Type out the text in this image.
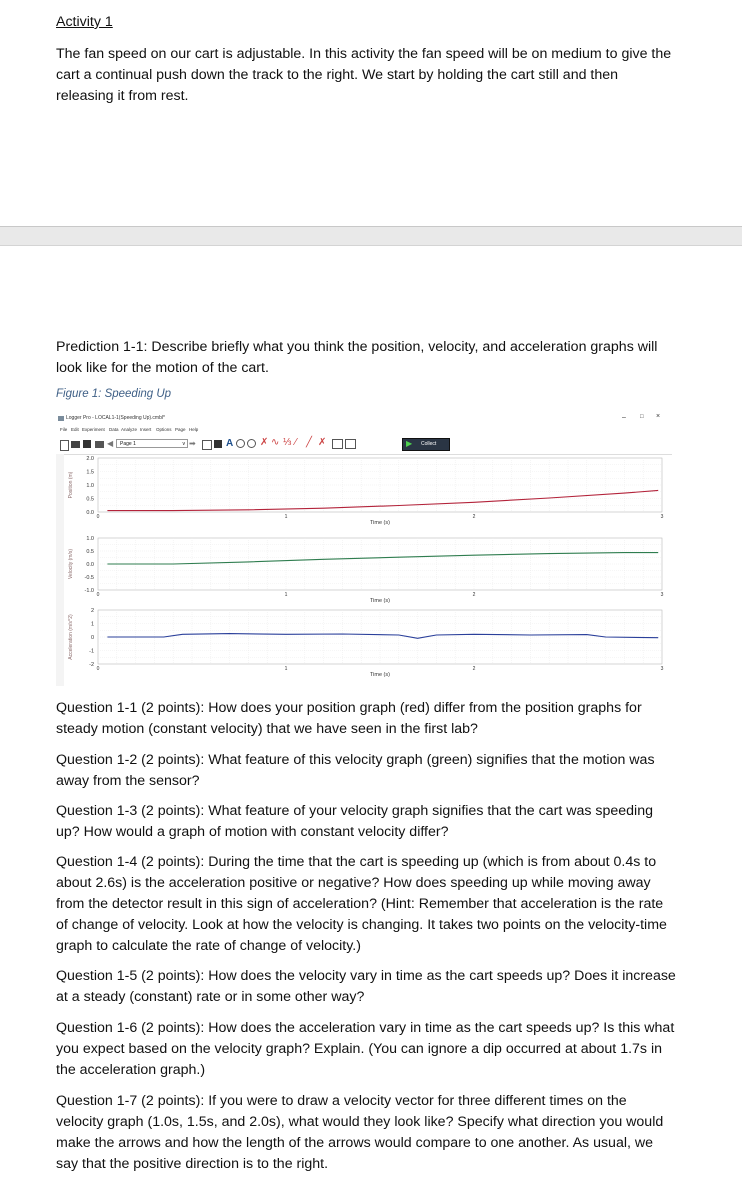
Activity 1
The fan speed on our cart is adjustable. In this activity the fan speed will be on medium to give the cart a continual push down the track to the right. We start by holding the cart still and then releasing it from rest.
Prediction 1-1: Describe briefly what you think the position, velocity, and acceleration graphs will look like for the motion of the cart.
Figure 1: Speeding Up
Logger Pro - LOCAL1-1(Speeding Up).cmbl*	– □ ×
File Edit Experiment Data Analyze Insert Options Page Help
◀	Page 1	v ➡	A	✗ ∿ ⅓ ⁄ ╱ ✗	▶ Collect
2.0
1.5
1.0
0.5
0.0
0	1	2	3
Time (s)
Position (m)
1.0
0.5
0.0
-0.5
-1.0
0	1	2	3
Time (s)
Velocity (m/s)
2
1
0
-1
-2
0	1	2	3
Time (s)
Acceleration (m/s^2)
Question 1-1 (2 points): How does your position graph (red) differ from the position graphs for steady motion (constant velocity) that we have seen in the first lab?
Question 1-2 (2 points): What feature of this velocity graph (green) signifies that the motion was away from the sensor?
Question 1-3 (2 points): What feature of your velocity graph signifies that the cart was speeding up? How would a graph of motion with constant velocity differ?
Question 1-4 (2 points): During the time that the cart is speeding up (which is from about 0.4s to about 2.6s) is the acceleration positive or negative? How does speeding up while moving away from the detector result in this sign of acceleration? (Hint: Remember that acceleration is the rate of change of velocity. Look at how the velocity is changing. It takes two points on the velocity-time graph to calculate the rate of change of velocity.)
Question 1-5 (2 points): How does the velocity vary in time as the cart speeds up? Does it increase at a steady (constant) rate or in some other way?
Question 1-6 (2 points): How does the acceleration vary in time as the cart speeds up? Is this what you expect based on the velocity graph? Explain. (You can ignore a dip occurred at about 1.7s in the acceleration graph.)
Question 1-7 (2 points): If you were to draw a velocity vector for three different times on the velocity graph (1.0s, 1.5s, and 2.0s), what would they look like? Specify what direction you would make the arrows and how the length of the arrows would compare to one another. As usual, we say that the positive direction is to the right.
